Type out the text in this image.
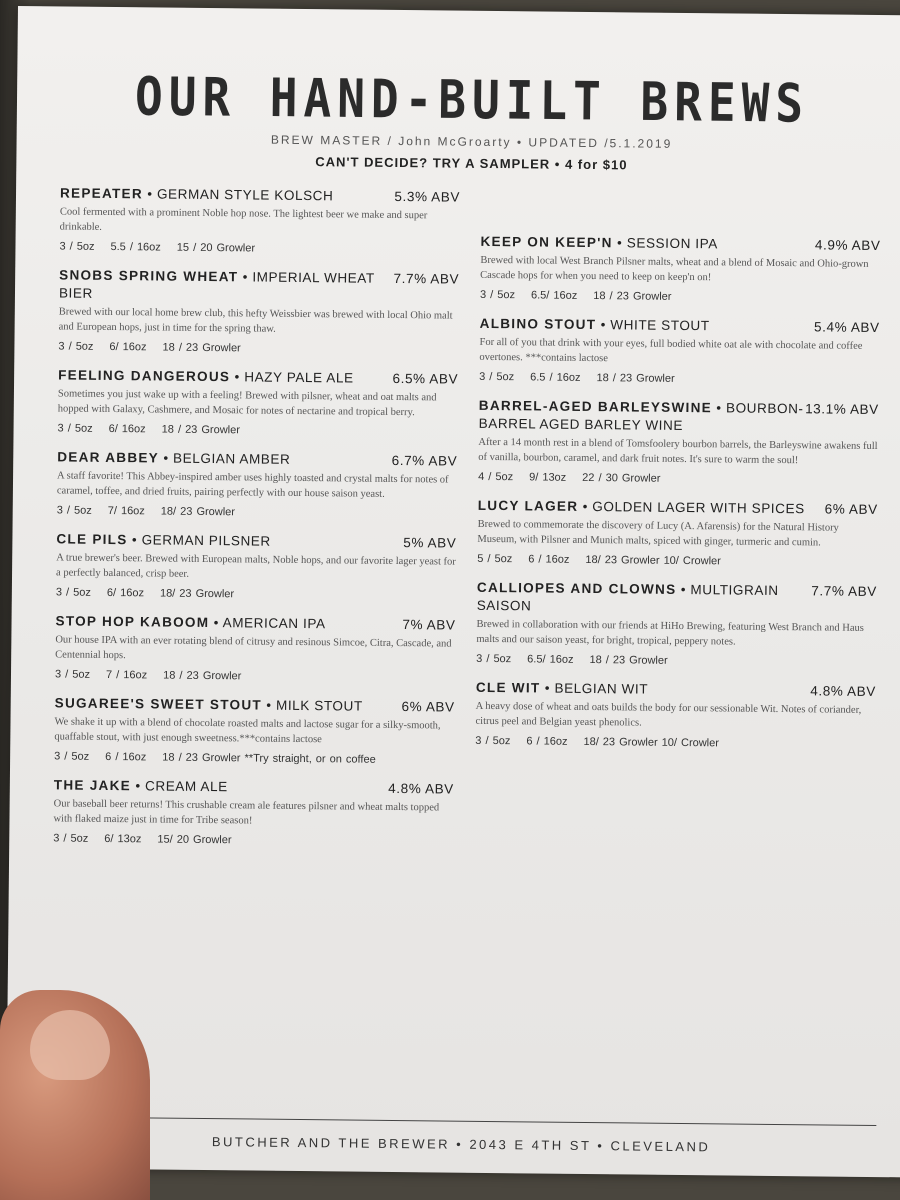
OUR HAND-BUILT BREWS
BREW MASTER / John McGroarty • UPDATED /5.1.2019
CAN'T DECIDE? TRY A SAMPLER • 4 for $10
5.3% ABV
REPEATER • GERMAN STYLE KOLSCH
Cool fermented with a prominent Noble hop nose. The lightest beer we make and super drinkable.
3 / 5oz 5.5 / 16oz 15 / 20 Growler
7.7% ABV
SNOBS SPRING WHEAT • IMPERIAL WHEAT BIER
Brewed with our local home brew club, this hefty Weissbier was brewed with local Ohio malt and European hops, just in time for the spring thaw.
3 / 5oz 6/ 16oz 18 / 23 Growler
6.5% ABV
FEELING DANGEROUS • HAZY PALE ALE
Sometimes you just wake up with a feeling! Brewed with pilsner, wheat and oat malts and hopped with Galaxy, Cashmere, and Mosaic for notes of nectarine and tropical berry.
3 / 5oz 6/ 16oz 18 / 23 Growler
6.7% ABV
DEAR ABBEY • BELGIAN AMBER
A staff favorite! This Abbey-inspired amber uses highly toasted and crystal malts for notes of caramel, toffee, and dried fruits, pairing perfectly with our house saison yeast.
3 / 5oz 7/ 16oz 18/ 23 Growler
5% ABV
CLE PILS • GERMAN PILSNER
A true brewer's beer. Brewed with European malts, Noble hops, and our favorite lager yeast for a perfectly balanced, crisp beer.
3 / 5oz 6/ 16oz 18/ 23 Growler
7% ABV
STOP HOP KABOOM • AMERICAN IPA
Our house IPA with an ever rotating blend of citrusy and resinous Simcoe, Citra, Cascade, and Centennial hops.
3 / 5oz 7 / 16oz 18 / 23 Growler
6% ABV
SUGAREE'S SWEET STOUT • MILK STOUT
We shake it up with a blend of chocolate roasted malts and lactose sugar for a silky-smooth, quaffable stout, with just enough sweetness.***contains lactose
3 / 5oz 6 / 16oz 18 / 23 Growler **Try straight, or on coffee
4.8% ABV
THE JAKE • CREAM ALE
Our baseball beer returns! This crushable cream ale features pilsner and wheat malts topped with flaked maize just in time for Tribe season!
3 / 5oz 6/ 13oz 15/ 20 Growler
4.9% ABV
KEEP ON KEEP'N • SESSION IPA
Brewed with local West Branch Pilsner malts, wheat and a blend of Mosaic and Ohio-grown Cascade hops for when you need to keep on keep'n on!
3 / 5oz 6.5/ 16oz 18 / 23 Growler
5.4% ABV
ALBINO STOUT • WHITE STOUT
For all of you that drink with your eyes, full bodied white oat ale with chocolate and coffee overtones. ***contains lactose
3 / 5oz 6.5 / 16oz 18 / 23 Growler
13.1% ABV
BARREL-AGED BARLEYSWINE • BOURBON-BARREL AGED BARLEY WINE
After a 14 month rest in a blend of Tomsfoolery bourbon barrels, the Barleyswine awakens full of vanilla, bourbon, caramel, and dark fruit notes. It's sure to warm the soul!
4 / 5oz 9/ 13oz 22 / 30 Growler
6% ABV
LUCY LAGER • GOLDEN LAGER WITH SPICES
Brewed to commemorate the discovery of Lucy (A. Afarensis) for the Natural History Museum, with Pilsner and Munich malts, spiced with ginger, turmeric and cumin.
5 / 5oz 6 / 16oz 18/ 23 Growler 10/ Crowler
7.7% ABV
CALLIOPES AND CLOWNS • MULTIGRAIN SAISON
Brewed in collaboration with our friends at HiHo Brewing, featuring West Branch and Haus malts and our saison yeast, for bright, tropical, peppery notes.
3 / 5oz 6.5/ 16oz 18 / 23 Growler
4.8% ABV
CLE WIT • BELGIAN WIT
A heavy dose of wheat and oats builds the body for our sessionable Wit. Notes of coriander, citrus peel and Belgian yeast phenolics.
3 / 5oz 6 / 16oz 18/ 23 Growler 10/ Crowler
BUTCHER AND THE BREWER • 2043 E 4TH ST • CLEVELAND
